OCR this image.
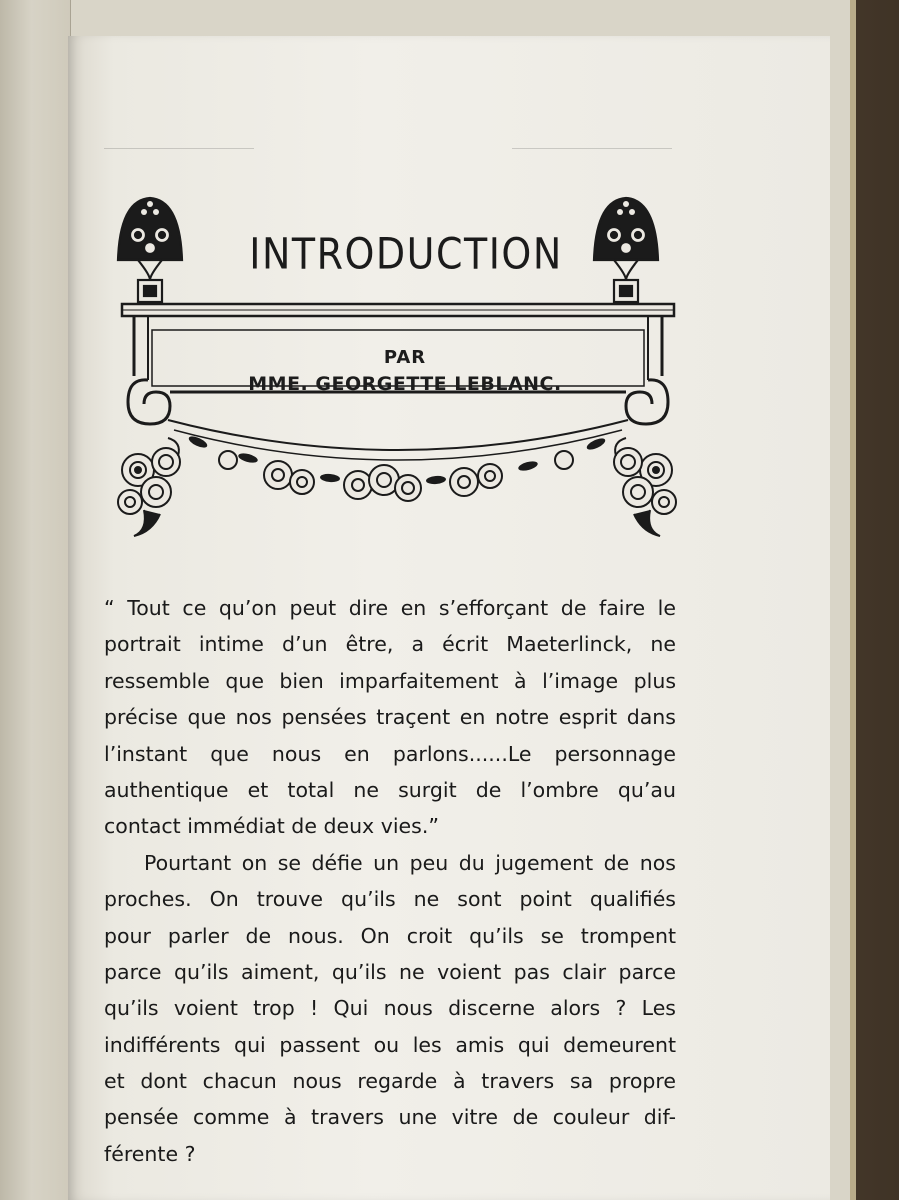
INTRODUCTION
PAR
MME. GEORGETTE LEBLANC.
“ Tout ce qu’on peut dire en s’efforçant de faire le
portrait intime d’un être, a écrit Maeterlinck, ne
ressemble que bien imparfaitement à l’image plus
précise que nos pensées traçent en notre esprit dans
l’instant que nous en parlons......Le personnage
authentique et total ne surgit de l’ombre qu’au
contact immédiat de deux vies.”
Pourtant on se défie un peu du jugement de nos
proches. On trouve qu’ils ne sont point qualifiés
pour parler de nous. On croit qu’ils se trompent
parce qu’ils aiment, qu’ils ne voient pas clair parce
qu’ils voient trop ! Qui nous discerne alors ? Les
indifférents qui passent ou les amis qui demeurent
et dont chacun nous regarde à travers sa propre
pensée comme à travers une vitre de couleur dif-
férente ?
